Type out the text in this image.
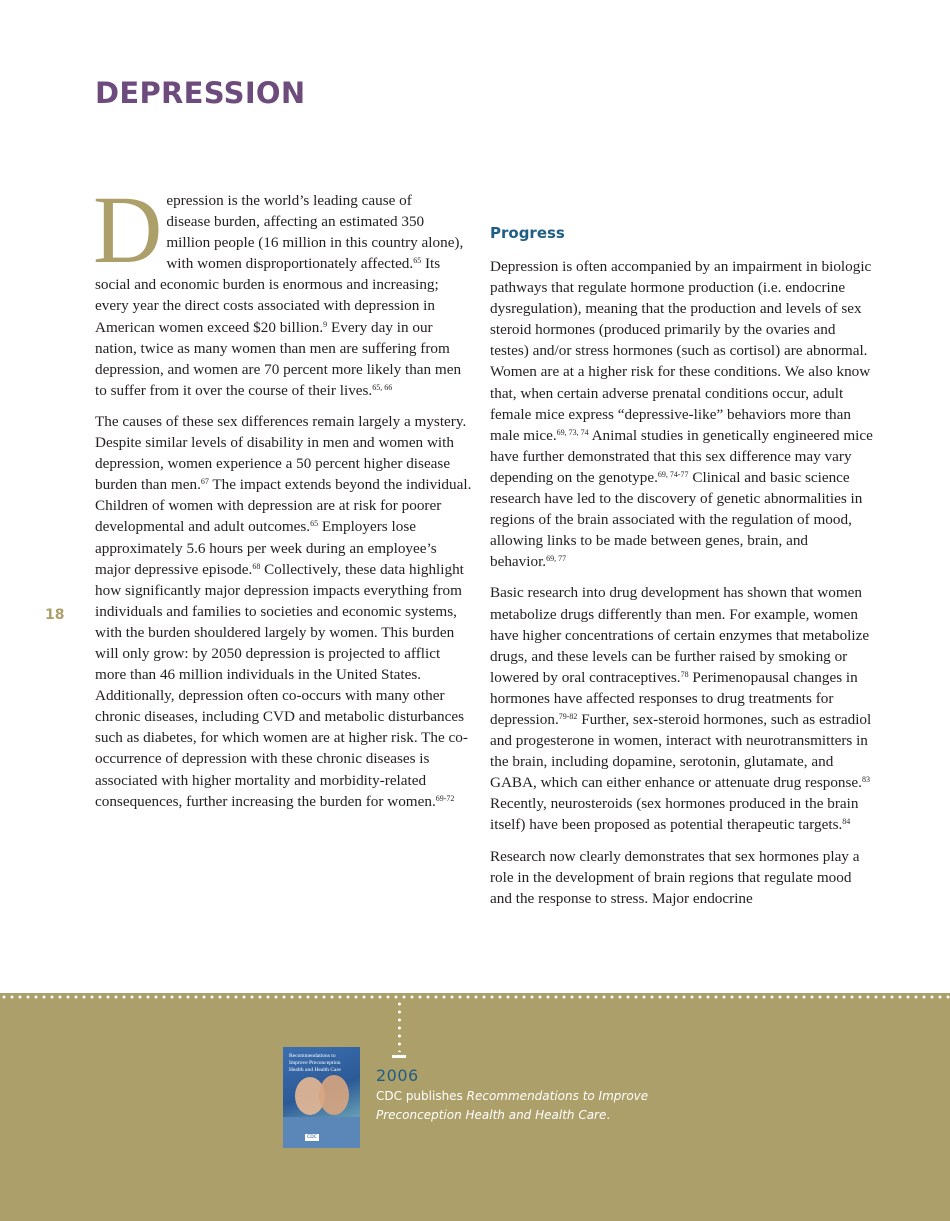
DEPRESSION
18

D epression is the world’s leading cause of
disease burden, affecting an estimated 350
million people (16 million in this country alone), with women disproportionately affected.$^{65}$ Its social and economic burden is enormous and increasing; every year the direct costs associated with depression in American women exceed $20 billion.$^9$ Every day in our nation, twice as many women than men are suffering from depression, and women are 70 percent more likely than men to suffer from it over the course of their lives.$^{65, 66}$

The causes of these sex differences remain largely a mystery. Despite similar levels of disability in men and women with depression, women experience a 50 percent higher disease burden than men.$^{67}$ The impact extends beyond the individual. Children of women with depression are at risk for poorer developmental and adult outcomes.$^{65}$ Employers lose approximately 5.6 hours per week during an employee’s major depressive episode.$^{68}$ Collectively, these data highlight how significantly major depression impacts everything from individuals and families to societies and economic systems, with the burden shouldered largely by women. This burden will only grow: by 2050 depression is projected to afflict more than 46 million individuals in the United States. Additionally, depression often co-occurs with many other chronic diseases, including CVD and metabolic disturbances such as diabetes, for which women are at higher risk. The co-occurrence of depression with these chronic diseases is associated with higher mortality and morbidity-related consequences, further increasing the burden for women.$^{69-72}$

Progress

Depression is often accompanied by an impairment in biologic pathways that regulate hormone production (i.e. endocrine dysregulation), meaning that the production and levels of sex steroid hormones (produced primarily by the ovaries and testes) and/or stress hormones (such as cortisol) are abnormal. Women are at a higher risk for these conditions. We also know that, when certain adverse prenatal conditions occur, adult female mice express “depressive-like” behaviors more than male mice.$^{69, 73, 74}$ Animal studies in genetically engineered mice have further demonstrated that this sex difference may vary depending on the genotype.$^{69, 74-77}$ Clinical and basic science research have led to the discovery of genetic abnormalities in regions of the brain associated with the regulation of mood, allowing links to be made between genes, brain, and behavior.$^{69, 77}$

Basic research into drug development has shown that women metabolize drugs differently than men. For example, women have higher concentrations of certain enzymes that metabolize drugs, and these levels can be further raised by smoking or lowered by oral contraceptives.$^{78}$ Perimenopausal changes in hormones have affected responses to drug treatments for depression.$^{79-82}$ Further, sex-steroid hormones, such as estradiol and progesterone in women, interact with neurotransmitters in the brain, including dopamine, serotonin, glutamate, and GABA, which can either enhance or attenuate drug response.$^{83}$ Recently, neurosteroids (sex hormones produced in the brain itself) have been proposed as potential therapeutic targets.$^{84}$

Research now clearly demonstrates that sex hormones play a role in the development of brain regions that regulate mood and the response to stress. Major endocrine

Recommendations to Improve Preconception Health and Health Care
CDC
2006
CDC publishes Recommendations to Improve Preconception Health and Health Care.
